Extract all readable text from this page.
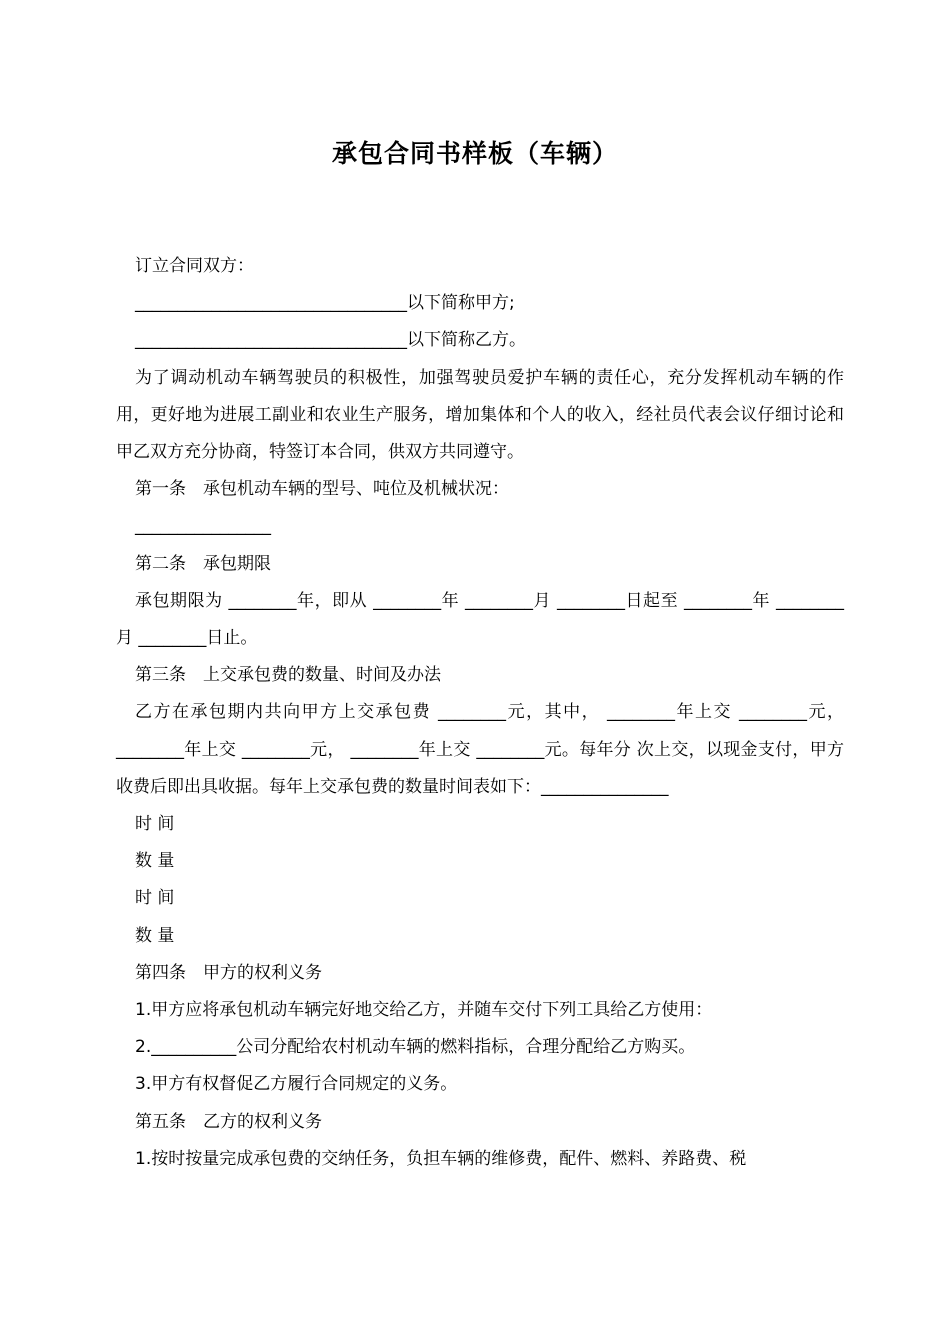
承包合同书样板（车辆）

订立合同双方：

________________________________以下简称甲方;

________________________________以下简称乙方。

为了调动机动车辆驾驶员的积极性，加强驾驶员爱护车辆的责任心，充分发挥机动车辆的作用，更好地为进展工副业和农业生产服务，增加集体和个人的收入，经社员代表会议仔细讨论和甲乙双方充分协商，特签订本合同，供双方共同遵守。

第一条　承包机动车辆的型号、吨位及机械状况：

________________

第二条　承包期限

承包期限为 ________年，即从 ________年 ________月 ________日起至 ________年 ________月 ________日止。

第三条　上交承包费的数量、时间及办法

乙方在承包期内共向甲方上交承包费 ________元，其中， ________年上交 ________元， ________年上交 ________元， ________年上交 ________元。每年分 次上交，以现金支付，甲方收费后即出具收据。每年上交承包费的数量时间表如下：_______________

时 间

数 量

时 间

数 量

第四条　甲方的权利义务

1.甲方应将承包机动车辆完好地交给乙方，并随车交付下列工具给乙方使用：

2.__________公司分配给农村机动车辆的燃料指标，合理分配给乙方购买。

3.甲方有权督促乙方履行合同规定的义务。

第五条　乙方的权利义务

1.按时按量完成承包费的交纳任务，负担车辆的维修费，配件、燃料、养路费、税
